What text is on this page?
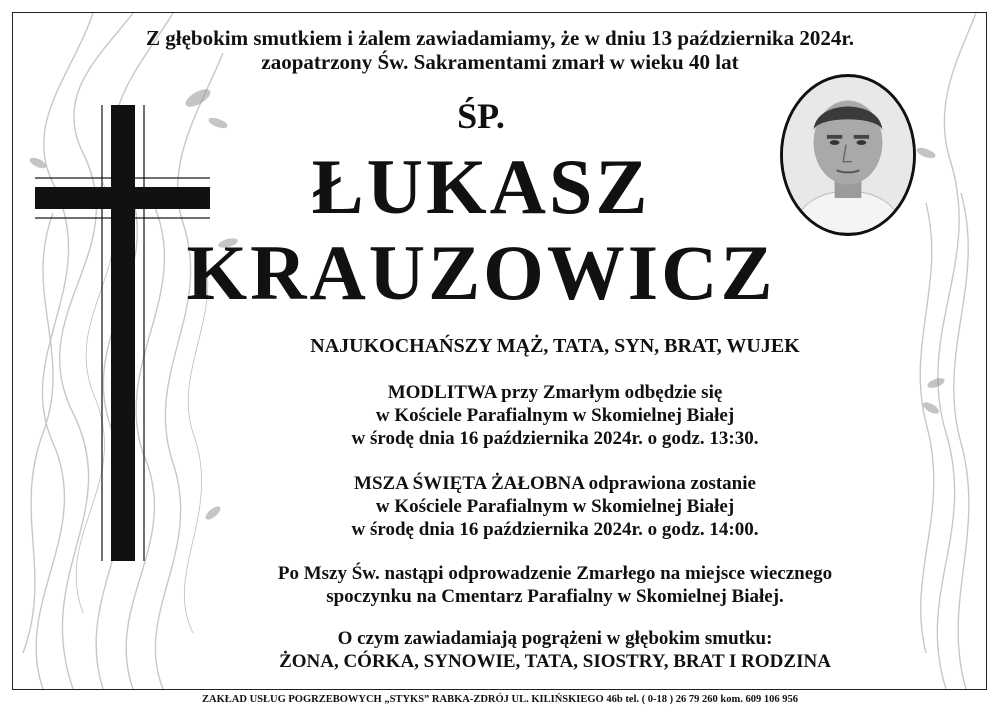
Z głębokim smutkiem i żalem zawiadamiamy, że w dniu 13 października 2024r.
zaopatrzony Św. Sakramentami zmarł w wieku 40 lat
ŚP.
ŁUKASZ
KRAUZOWICZ
NAJUKOCHAŃSZY MĄŻ, TATA, SYN, BRAT, WUJEK
MODLITWA przy Zmarłym odbędzie się
w Kościele Parafialnym w Skomielnej Białej
w środę dnia 16 października 2024r. o godz. 13:30.
MSZA ŚWIĘTA ŻAŁOBNA odprawiona zostanie
w Kościele Parafialnym w Skomielnej Białej
w środę dnia 16 października 2024r. o godz. 14:00.
Po Mszy Św. nastąpi odprowadzenie Zmarłego na miejsce wiecznego
spoczynku na Cmentarz Parafialny w Skomielnej Białej.
O czym zawiadamiają pogrążeni w głębokim smutku:
ŻONA, CÓRKA, SYNOWIE, TATA, SIOSTRY, BRAT I RODZINA
ZAKŁAD USŁUG POGRZEBOWYCH „STYKS” RABKA-ZDRÓJ UL. KILIŃSKIEGO 46b tel. ( 0-18 ) 26 79 260 kom. 609 106 956
